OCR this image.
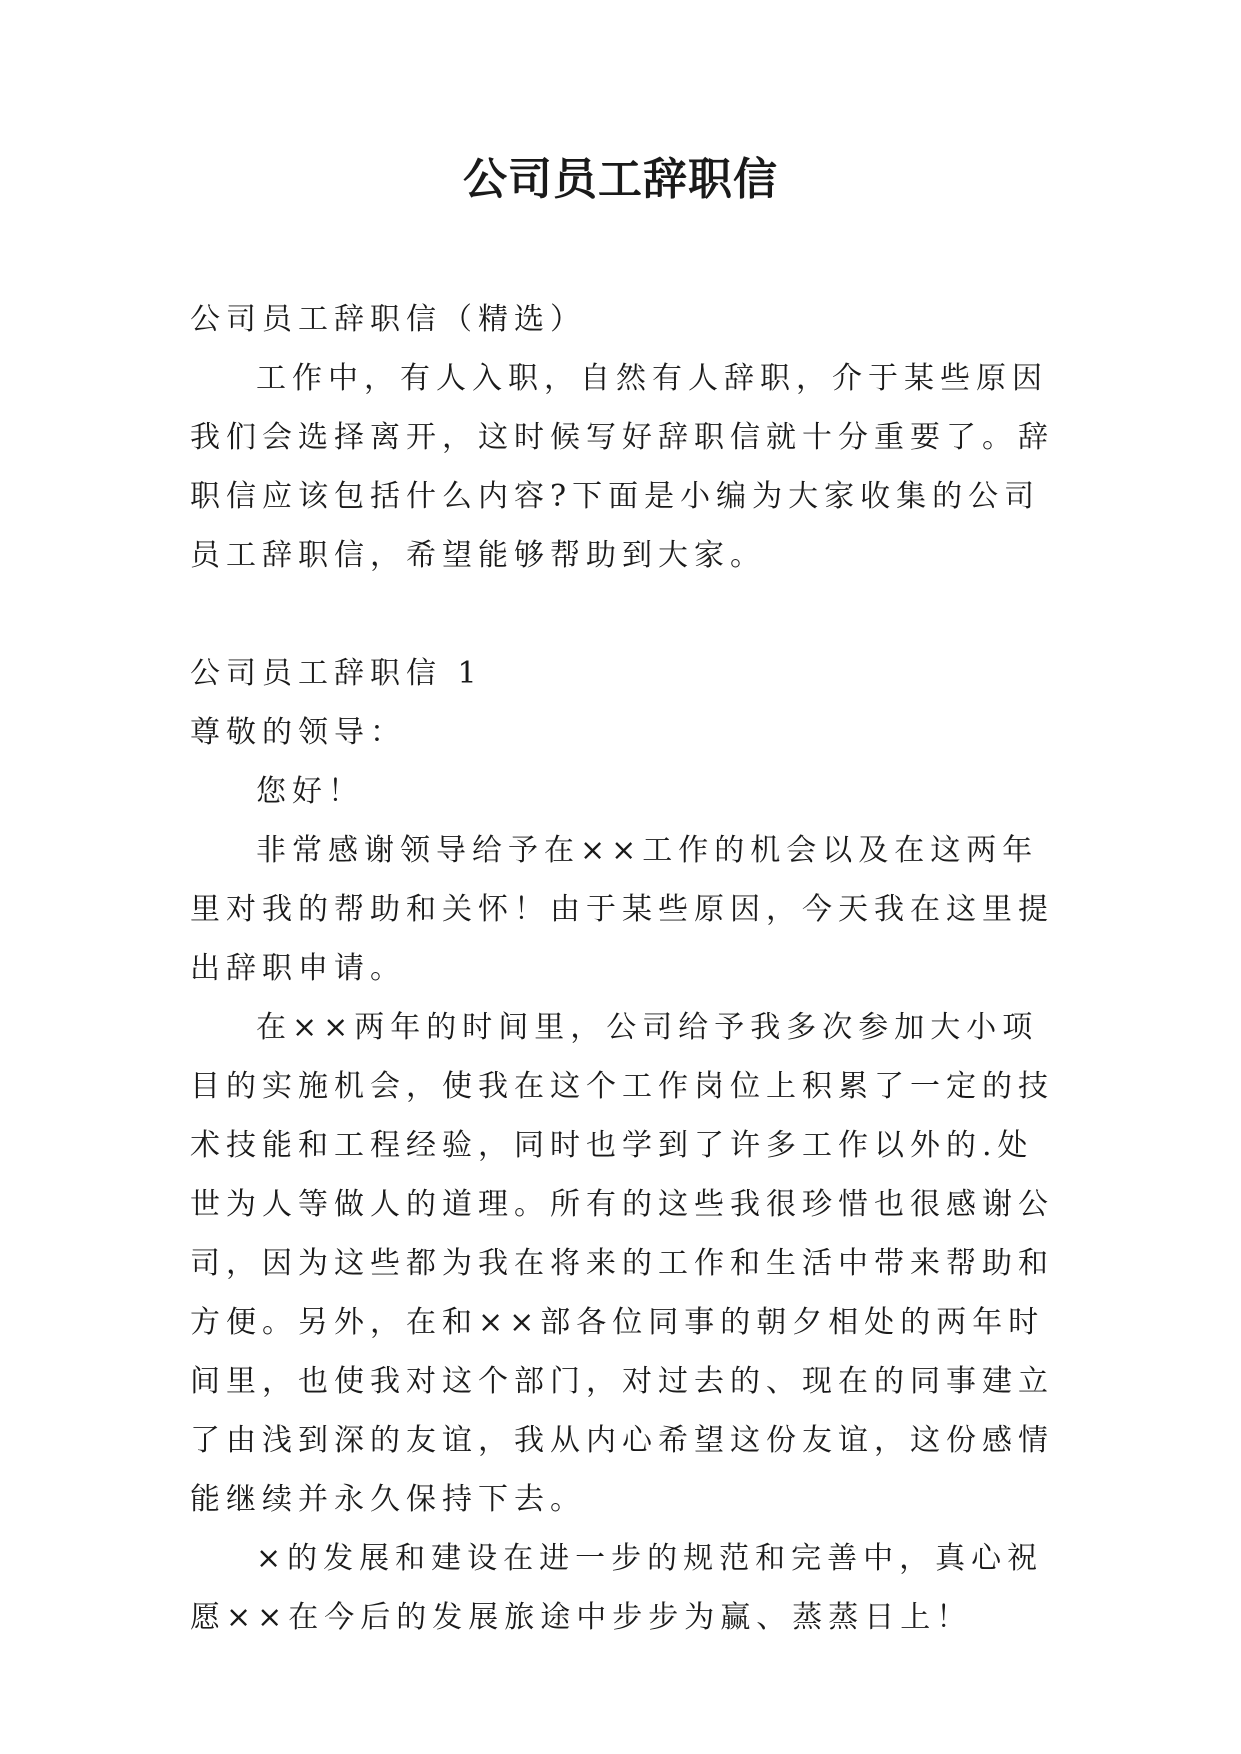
公司员工辞职信

公司员工辞职信（精选）

工作中，有人入职，自然有人辞职，介于某些原因我们会选择离开，这时候写好辞职信就十分重要了。辞职信应该包括什么内容?下面是小编为大家收集的公司员工辞职信，希望能够帮助到大家。

公司员工辞职信 1

尊敬的领导：

您好！

非常感谢领导给予在××工作的机会以及在这两年里对我的帮助和关怀！由于某些原因，今天我在这里提出辞职申请。

在××两年的时间里，公司给予我多次参加大小项目的实施机会，使我在这个工作岗位上积累了一定的技术技能和工程经验，同时也学到了许多工作以外的.处世为人等做人的道理。所有的这些我很珍惜也很感谢公司，因为这些都为我在将来的工作和生活中带来帮助和方便。另外，在和××部各位同事的朝夕相处的两年时间里，也使我对这个部门，对过去的、现在的同事建立了由浅到深的友谊，我从内心希望这份友谊，这份感情能继续并永久保持下去。

×的发展和建设在进一步的规范和完善中，真心祝愿××在今后的发展旅途中步步为赢、蒸蒸日上！
